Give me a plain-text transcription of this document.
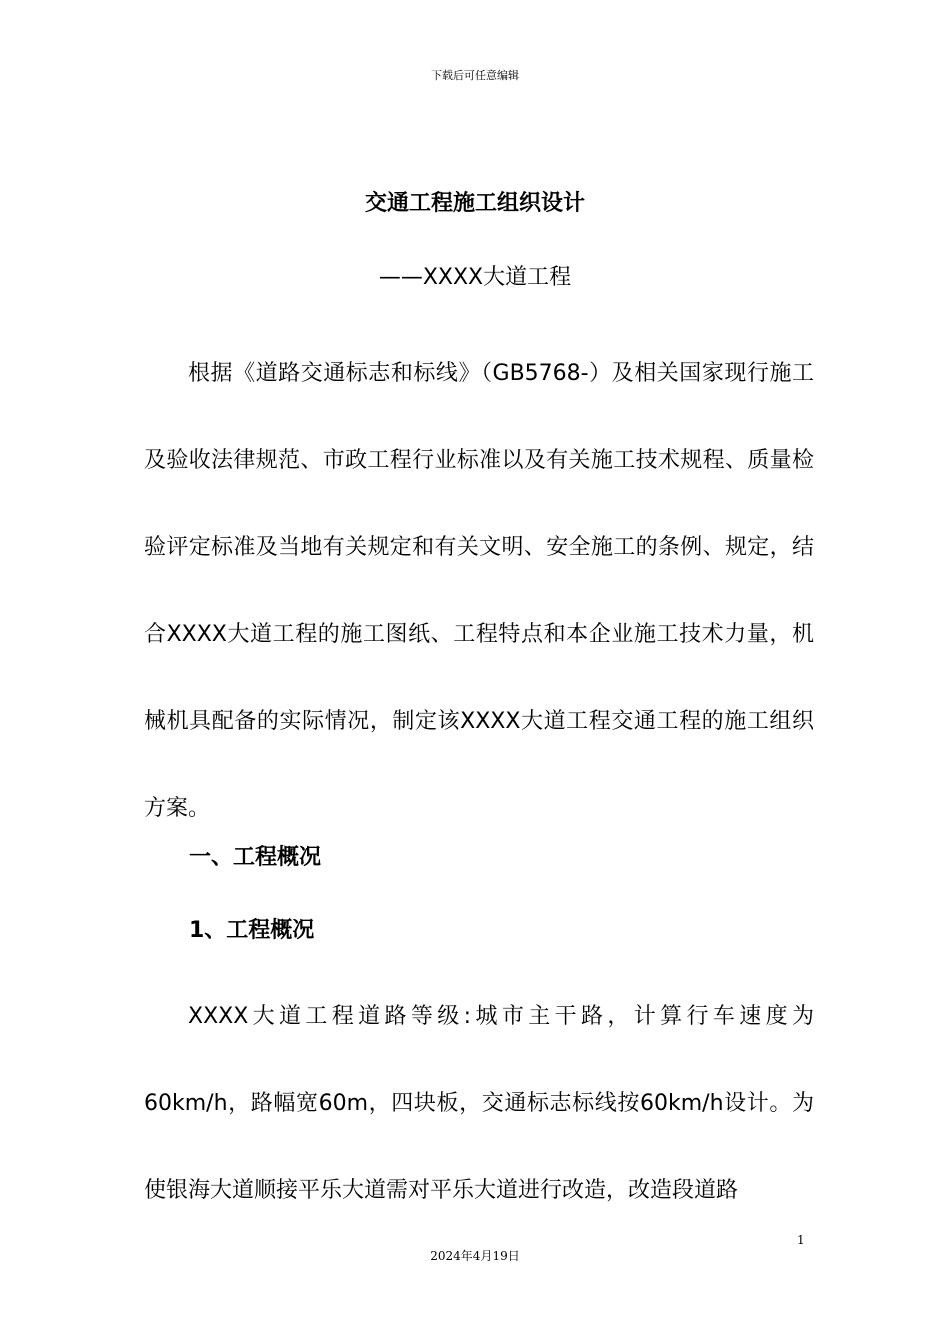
下载后可任意编辑
交通工程施工组织设计
——XXXX大道工程

根据《道路交通标志和标线》（GB5768-）及相关国家现行施工及验收法律规范、市政工程行业标准以及有关施工技术规程、质量检验评定标准及当地有关规定和有关文明、安全施工的条例、规定，结合XXXX大道工程的施工图纸、工程特点和本企业施工技术力量，机械机具配备的实际情况，制定该XXXX大道工程交通工程的施工组织方案。

一、工程概况

1、工程概况

XXXX大道工程道路等级:城市主干路，计算行车速度为60km/h，路幅宽60m，四块板，交通标志标线按60km/h设计。为使银海大道顺接平乐大道需对平乐大道进行改造，改造段道路

1
2024年4月19日
